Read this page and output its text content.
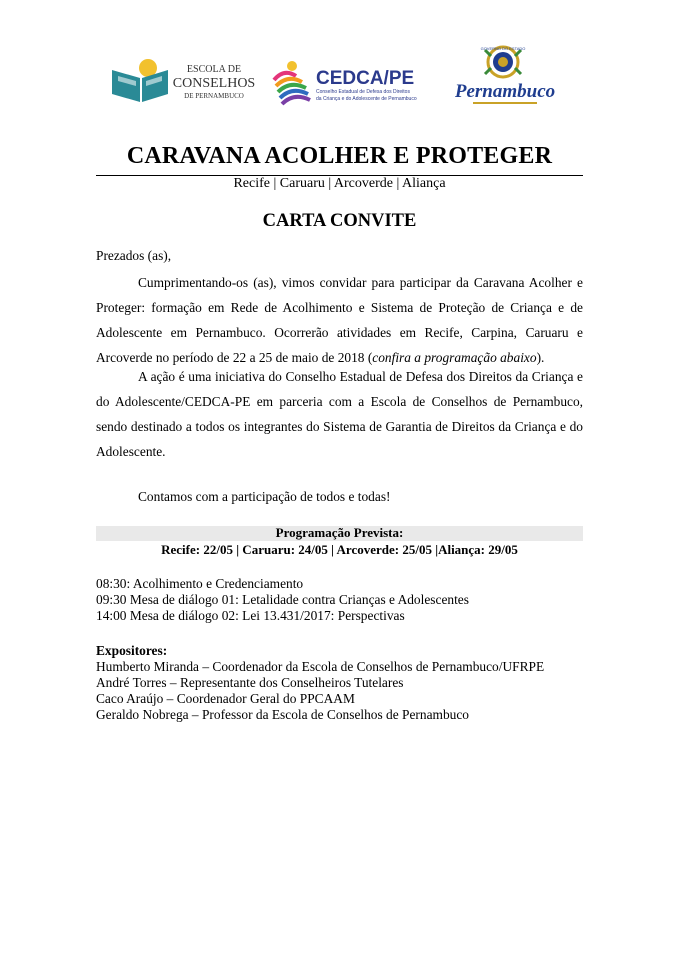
ESCOLA DE
CONSELHOS
DE PERNAMBUCO
CEDCA/PE
Conselho Estadual de Defesa dos Direitos
da Criança e do Adolescente de Pernambuco
GOVERNO DO ESTADO
Pernambuco
CARAVANA ACOLHER E PROTEGER
Recife | Caruaru | Arcoverde | Aliança
CARTA CONVITE
Prezados (as),

Cumprimentando-os (as), vimos convidar para participar da Caravana Acolher e Proteger: formação em Rede de Acolhimento e Sistema de Proteção de Criança e de Adolescente em Pernambuco. Ocorrerão atividades em Recife, Carpina, Caruaru e Arcoverde no período de 22 a 25 de maio de 2018 (confira a programação abaixo).

A ação é uma iniciativa do Conselho Estadual de Defesa dos Direitos da Criança e do Adolescente/CEDCA-PE em parceria com a Escola de Conselhos de Pernambuco, sendo destinado a todos os integrantes do Sistema de Garantia de Direitos da Criança e do Adolescente.

Contamos com a participação de todos e todas!
Programação Prevista:
Recife: 22/05 | Caruaru: 24/05 | Arcoverde: 25/05 |Aliança: 29/05
08:30: Acolhimento e Credenciamento
09:30 Mesa de diálogo 01: Letalidade contra Crianças e Adolescentes
14:00 Mesa de diálogo 02: Lei 13.431/2017: Perspectivas
Expositores:
Humberto Miranda – Coordenador da Escola de Conselhos de Pernambuco/UFRPE
André Torres – Representante dos Conselheiros Tutelares
Caco Araújo – Coordenador Geral do PPCAAM
Geraldo Nobrega – Professor da Escola de Conselhos de Pernambuco
